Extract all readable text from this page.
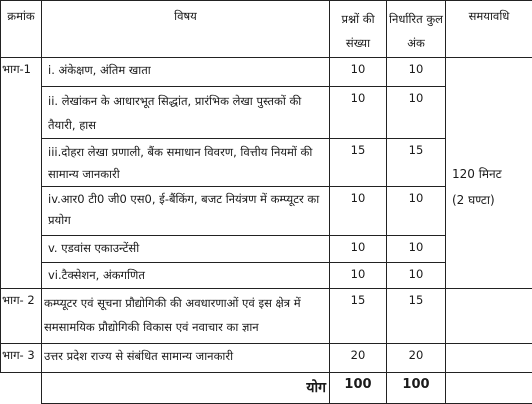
क्रमांक	विषय	प्रश्नों की संख्या	निर्धारित कुल अंक	समयावधि
भाग-1	i. अंकेक्षण, अंतिम खाता	10	10	120 मिनट
(2 घण्टा)

	ii. लेखांकन के आधारभूत सिद्धांत, प्रारंभिक लेखा पुस्तकों की तैयारी, हास	10	10	
	iii.दोहरा लेखा प्रणाली, बैंक समाधान विवरण, वित्तीय नियमों की सामान्य जानकारी	15	15	
	iv.आर0 टी0 जी0 एस0, ई-बैंकिंग, बजट नियंत्रण में कम्प्यूटर का प्रयोग	10	10	
	v. एडवांस एकाउन्टेंसी	10	10	
	vi.टैक्सेशन, अंकगणित	10	10	
भाग- 2	कम्प्यूटर एवं सूचना प्रौद्योगिकी की अवधारणाओं एवं इस क्षेत्र में समसामयिक प्रौद्योगिकी विकास एवं नवाचार का ज्ञान	15	15	
भाग- 3	उत्तर प्रदेश राज्य से संबंधित सामान्य जानकारी	20	20	
	योग	100	100	
